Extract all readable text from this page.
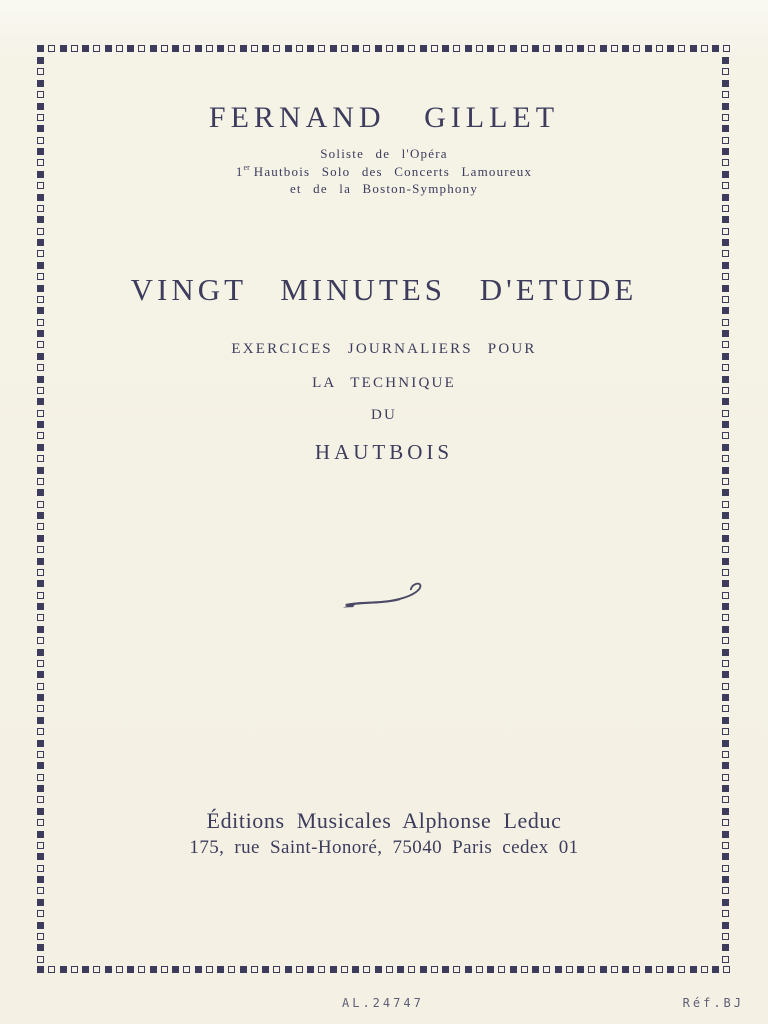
FERNAND GILLET

Soliste de l'Opéra

1er Hautbois Solo des Concerts Lamoureux

et de la Boston-Symphony

VINGT MINUTES D'ETUDE

EXERCICES JOURNALIERS POUR

LA TECHNIQUE

DU

HAUTBOIS

Éditions Musicales Alphonse Leduc

175, rue Saint-Honoré, 75040 Paris cedex 01

AL.24747	Réf.BJ
